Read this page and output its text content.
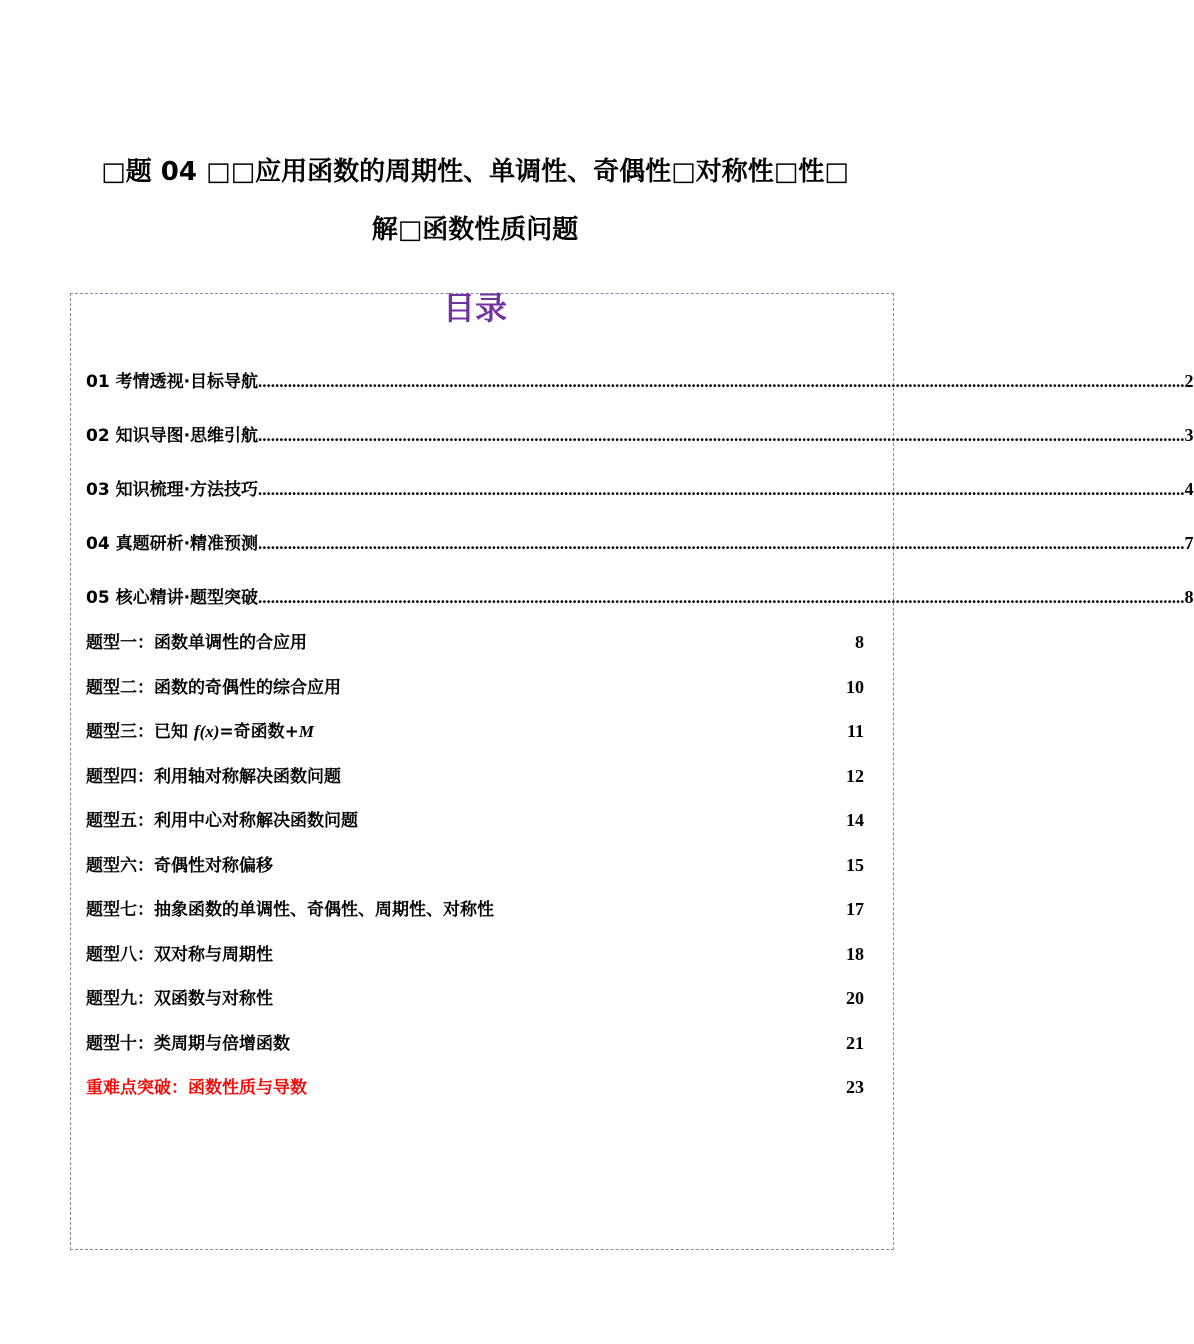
□题 04 □□应用函数的周期性、单调性、奇偶性□对称性□性□
解□函数性质问题
目录
01 考情透视·目标导航 .......................................................................................................................................................................................................................... 2
02 知识导图·思维引航 .......................................................................................................................................................................................................................... 3
03 知识梳理·方法技巧 .......................................................................................................................................................................................................................... 4
04 真题研析·精准预测 .......................................................................................................................................................................................................................... 7
05 核心精讲·题型突破 .......................................................................................................................................................................................................................... 8
题型一：函数单调性的合应用	8
题型二：函数的奇偶性的综合应用	10
题型三：已知 f(x)=奇函数+M	11
题型四：利用轴对称解决函数问题	12
题型五：利用中心对称解决函数问题	14
题型六：奇偶性对称偏移	15
题型七：抽象函数的单调性、奇偶性、周期性、对称性	17
题型八：双对称与周期性	18
题型九：双函数与对称性	20
题型十：类周期与倍增函数	21
重难点突破：函数性质与导数	23
